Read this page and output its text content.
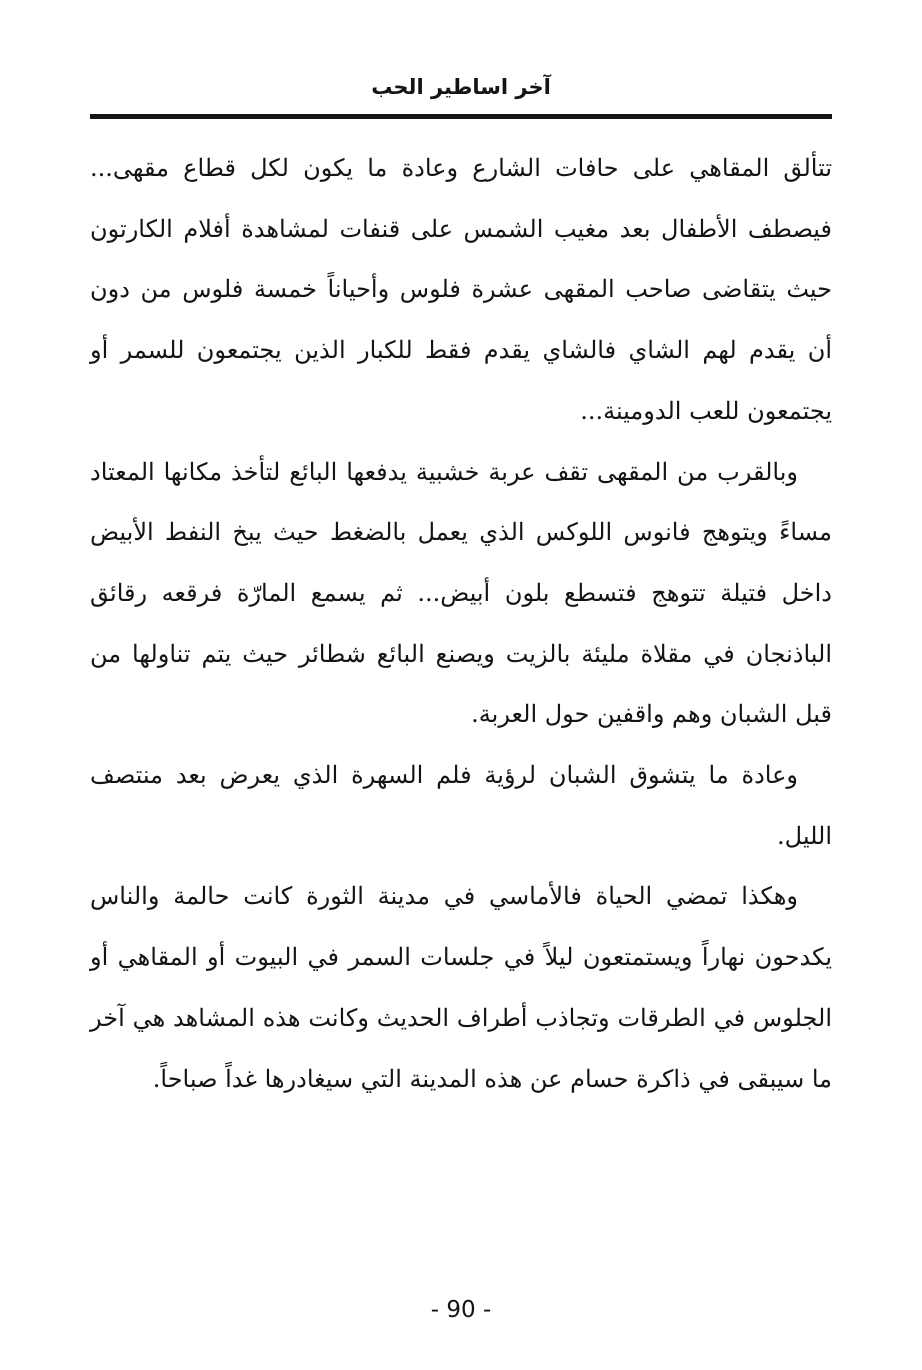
آخر اساطير الحب

تتألق المقاهي على حافات الشارع وعادة ما يكون لكل قطاع مقهى... فيصطف الأطفال بعد مغيب الشمس على قنفات لمشاهدة أفلام الكارتون حيث يتقاضى صاحب المقهى عشرة فلوس وأحياناً خمسة فلوس من دون أن يقدم لهم الشاي فالشاي يقدم فقط للكبار الذين يجتمعون للسمر أو يجتمعون للعب الدومينة...

وبالقرب من المقهى تقف عربة خشبية يدفعها البائع لتأخذ مكانها المعتاد مساءً ويتوهج فانوس اللوكس الذي يعمل بالضغط حيث يبخ النفط الأبيض داخل فتيلة تتوهج فتسطع بلون أبيض... ثم يسمع المارّة فرقعه رقائق الباذنجان في مقلاة مليئة بالزيت ويصنع البائع شطائر حيث يتم تناولها من قبل الشبان وهم واقفين حول العربة.

وعادة ما يتشوق الشبان لرؤية فلم السهرة الذي يعرض بعد منتصف الليل.

وهكذا تمضي الحياة فالأماسي في مدينة الثورة كانت حالمة والناس يكدحون نهاراً ويستمتعون ليلاً في جلسات السمر في البيوت أو المقاهي أو الجلوس في الطرقات وتجاذب أطراف الحديث وكانت هذه المشاهد هي آخر ما سيبقى في ذاكرة حسام عن هذه المدينة التي سيغادرها غداً صباحاً.

- 90 -
